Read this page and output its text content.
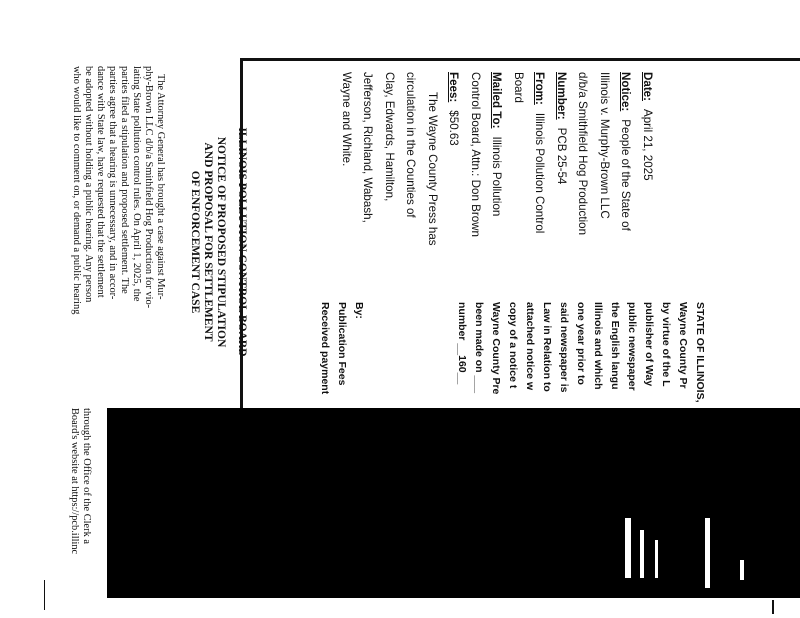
Date:April 21, 2025
Notice:People of the State of
Illinois v. Murphy-Brown LLC
d/b/a Smithfield Hog Production
Number:PCB 25-54
From:Illinois Pollution Control
Board
Mailed To:Illinois Pollution
Control Board, Attn.: Don Brown
Fees:$50.63
The Wayne County Press has
circulation in the Counties of
Clay, Edwards, Hamilton,
Jefferson, Richland, Wabash,
Wayne and White.
ILLINOIS POLLUTION CONTROL BOARD
NOTICE OF PROPOSED STIPULATION
AND PROPOSAL FOR SETTLEMENT
OF ENFORCEMENT CASE
The Attorney General has brought a case against Mur-
phy-Brown LLC d/b/a Smithfield Hog Production for vio-
lating State pollution control rules. On April 1, 2025, the
parties filed a stipulation and proposed settlement. The
parties agree that a hearing is unnecessary, and in accor-
dance with State law, have requested that the settlement
be adopted without holding a public hearing. Any person
who would like to comment on, or demand a public hearing
through the Office of the Clerk a
Board's website at https://pcb.illinc
STATE OF ILLINOIS,
Wayne County Pr
by virtue of the L
publisher of Way
public newspaper
the English langu
Illinois and which
one year prior to
said newspaper is
Law in Relation to
attached notice w
copy of a notice t
Wayne County Pre
been made on ___
number __160__
By:
Publication Fees
Received payment
